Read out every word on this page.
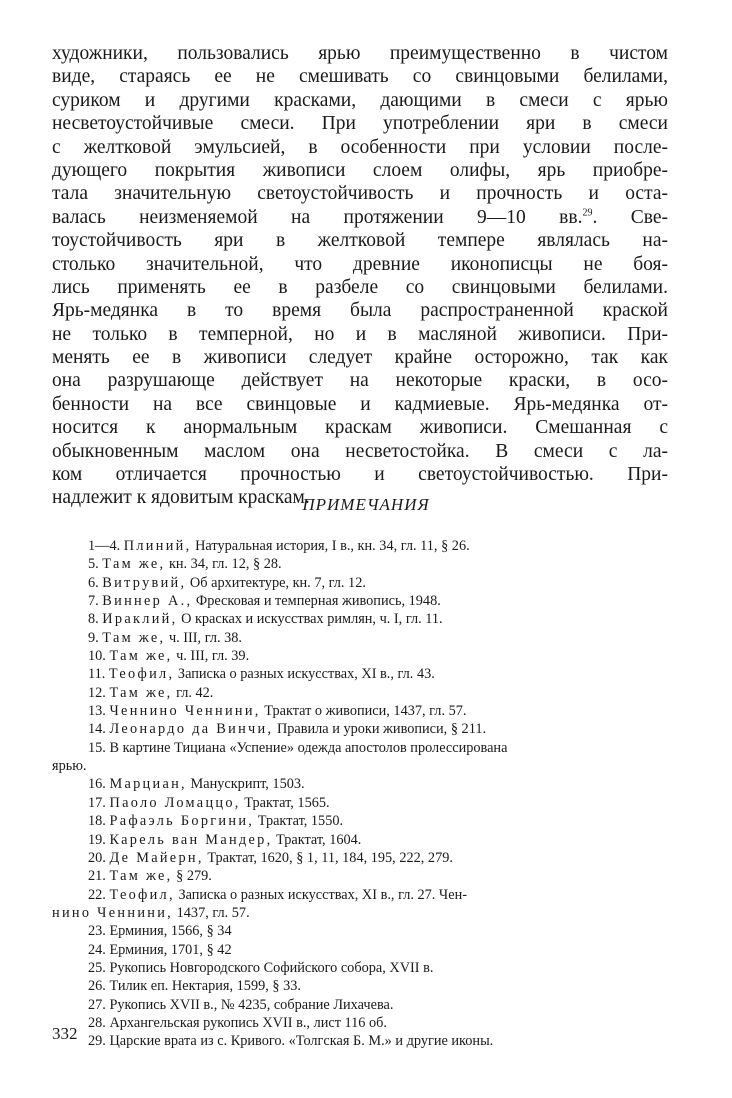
художники, пользовались ярью преимущественно в чистом
виде, стараясь ее не смешивать со свинцовыми белилами,
суриком и другими красками, дающими в смеси с ярью
несветоустойчивые смеси. При употреблении яри в смеси
с желтковой эмульсией, в особенности при условии после-
дующего покрытия живописи слоем олифы, ярь приобре-
тала значительную светоустойчивость и прочность и оста-
валась неизменяемой на протяжении 9—10 вв.$^{29}$. Све-
тоустойчивость яри в желтковой темпере являлась на-
столько значительной, что древние иконописцы не боя-
лись применять ее в разбеле со свинцовыми белилами.
Ярь-медянка в то время была распространенной краской
не только в темперной, но и в масляной живописи. При-
менять ее в живописи следует крайне осторожно, так как
она разрушающе действует на некоторые краски, в осо-
бенности на все свинцовые и кадмиевые. Ярь-медянка от-
носится к анормальным краскам живописи. Смешанная с
обыкновенным маслом она несветостойка. В смеси с ла-
ком отличается прочностью и светоустойчивостью. При-
надлежит к ядовитым краскам.
ПРИМЕЧАНИЯ
1—4. Плиний, Натуральная история, I в., кн. 34, гл. 11, § 26.
5. Там же, кн. 34, гл. 12, § 28.
6. Витрувий, Об архитектуре, кн. 7, гл. 12.
7. Виннер А., Фресковая и темперная живопись, 1948.
8. Ираклий, О красках и искусствах римлян, ч. I, гл. 11.
9. Там же, ч. III, гл. 38.
10. Там же, ч. III, гл. 39.
11. Теофил, Записка о разных искусствах, XI в., гл. 43.
12. Там же, гл. 42.
13. Ченнино Ченнини, Трактат о живописи, 1437, гл. 57.
14. Леонардо да Винчи, Правила и уроки живописи, § 211.
15. В картине Тициана «Успение» одежда апостолов пролессирована
ярью.
16. Марциан, Манускрипт, 1503.
17. Паоло Ломаццо, Трактат, 1565.
18. Рафаэль Боргини, Трактат, 1550.
19. Карель ван Мандер, Трактат, 1604.
20. Де Майерн, Трактат, 1620, § 1, 11, 184, 195, 222, 279.
21. Там же, § 279.
22. Теофил, Записка о разных искусствах, XI в., гл. 27. Чен-
нино Ченнини, 1437, гл. 57.
23. Ерминия, 1566, § 34
24. Ерминия, 1701, § 42
25. Рукопись Новгородского Софийского собора, XVII в.
26. Тилик еп. Нектария, 1599, § 33.
27. Рукопись XVII в., № 4235, собрание Лихачева.
28. Архангельская рукопись XVII в., лист 116 об.
29. Царские врата из с. Кривого. «Толгская Б. М.» и другие иконы.
332
